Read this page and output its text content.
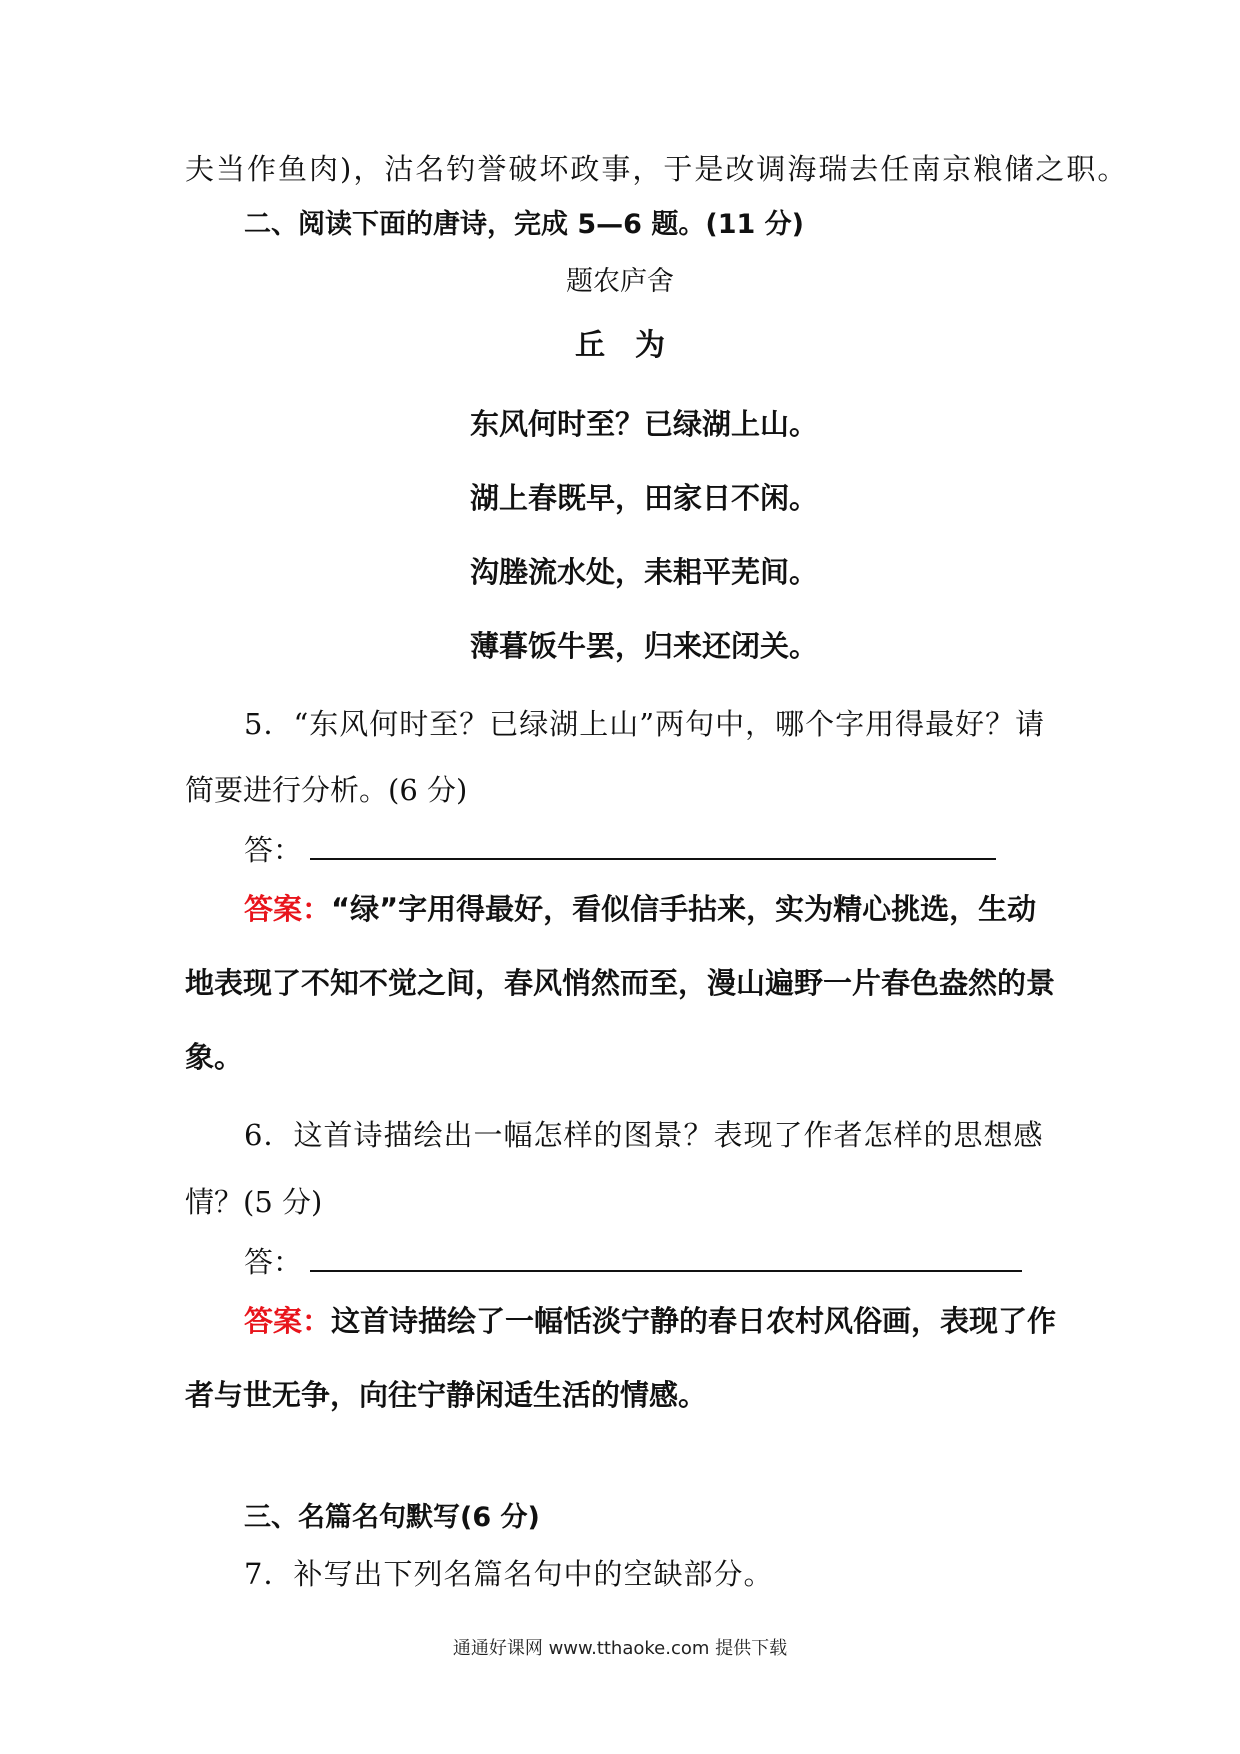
夫当作鱼肉)，沽名钓誉破坏政事，于是改调海瑞去任南京粮储之职。
二、阅读下面的唐诗，完成 5—6 题。(11 分)
题农庐舍
丘　为
东风何时至？已绿湖上山。
湖上春既早，田家日不闲。
沟塍流水处，耒耜平芜间。
薄暮饭牛罢，归来还闭关。
5．“东风何时至？已绿湖上山”两句中，哪个字用得最好？请
简要进行分析。(6 分)
答：
答案：“绿”字用得最好，看似信手拈来，实为精心挑选，生动
地表现了不知不觉之间，春风悄然而至，漫山遍野一片春色盎然的景
象。
6．这首诗描绘出一幅怎样的图景？表现了作者怎样的思想感
情？(5 分)
答：
答案：这首诗描绘了一幅恬淡宁静的春日农村风俗画，表现了作
者与世无争，向往宁静闲适生活的情感。
三、名篇名句默写(6 分)
7．补写出下列名篇名句中的空缺部分。
通通好课网 www.tthaoke.com 提供下载
